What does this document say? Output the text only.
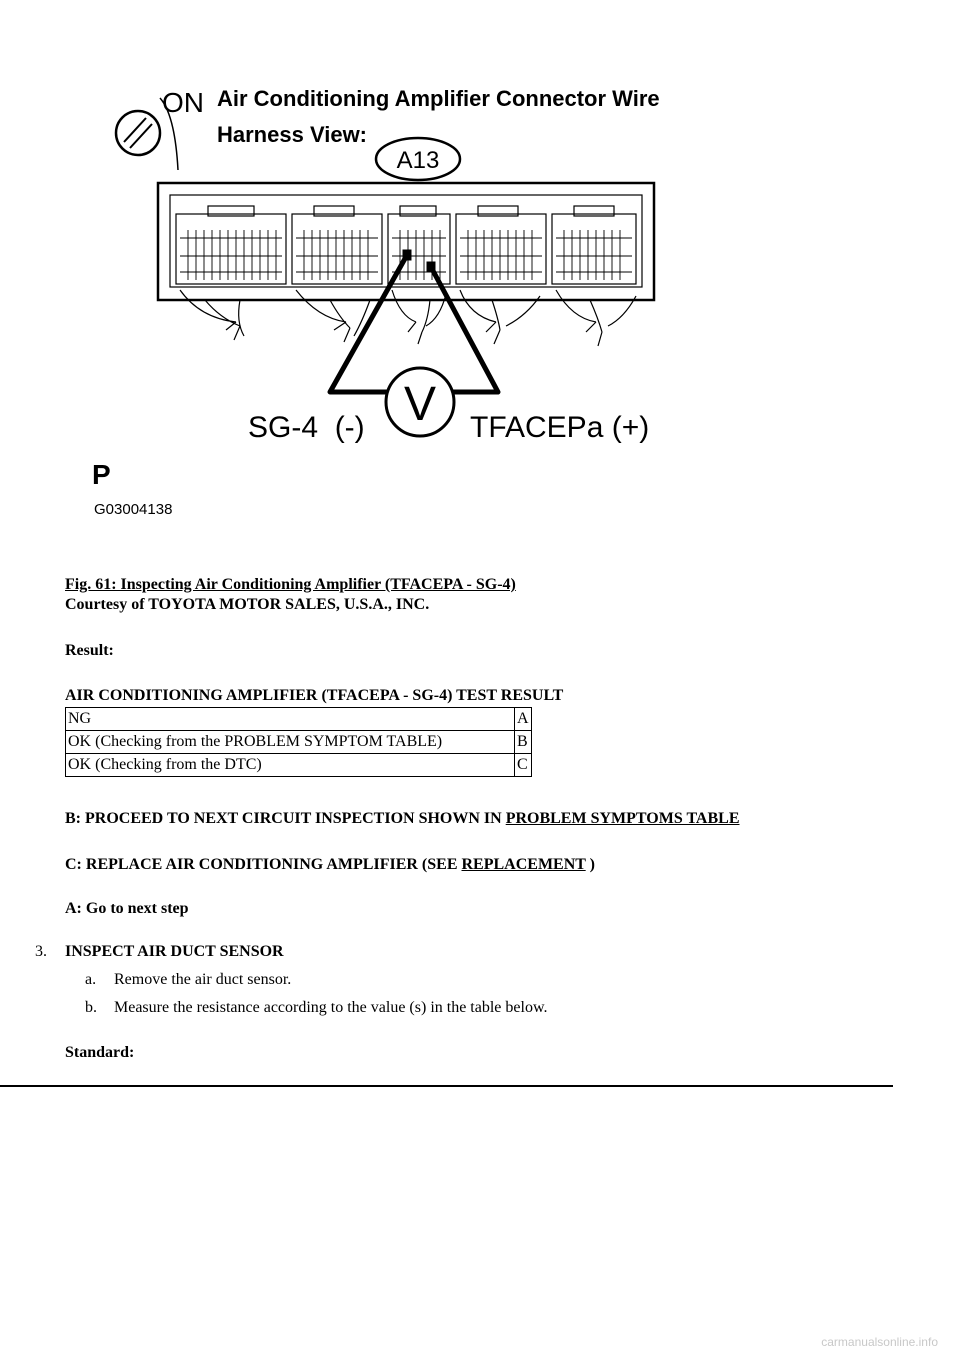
ON Air Conditioning Amplifier Connector Wire
Harness View:
A13
V
SG-4  (-)	TFACEPa (+)
P
G03004138
Fig. 61: Inspecting Air Conditioning Amplifier (TFACEPA - SG-4)
Courtesy of TOYOTA MOTOR SALES, U.S.A., INC.
Result:
AIR CONDITIONING AMPLIFIER (TFACEPA - SG-4) TEST RESULT
NG	A
OK (Checking from the PROBLEM SYMPTOM TABLE)	B
OK (Checking from the DTC)	C
B: PROCEED TO NEXT CIRCUIT INSPECTION SHOWN IN PROBLEM SYMPTOMS TABLE
C: REPLACE AIR CONDITIONING AMPLIFIER (SEE REPLACEMENT )
A: Go to next step
3. INSPECT AIR DUCT SENSOR
a. Remove the air duct sensor.
b. Measure the resistance according to the value (s) in the table below.
Standard:
carmanualsonline.info
